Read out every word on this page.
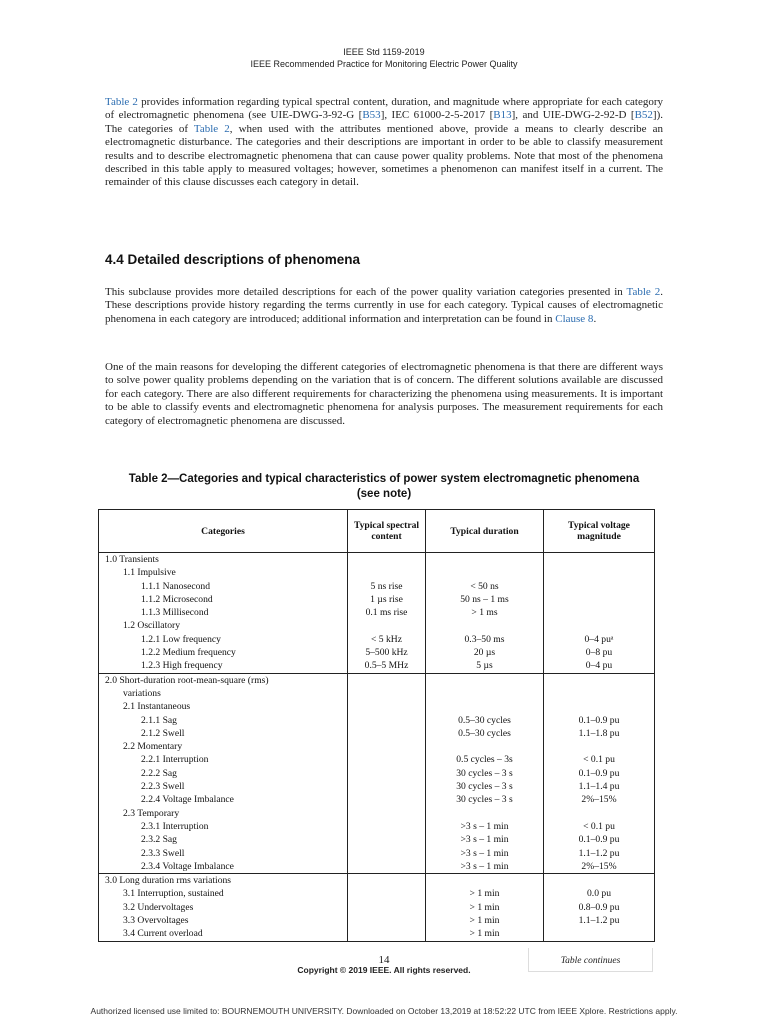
IEEE Std 1159-2019
IEEE Recommended Practice for Monitoring Electric Power Quality

Table 2 provides information regarding typical spectral content, duration, and magnitude where appropriate for each category of electromagnetic phenomena (see UIE-DWG-3-92-G [B53], IEC 61000-2-5-2017 [B13], and UIE-DWG-2-92-D [B52]). The categories of Table 2, when used with the attributes mentioned above, provide a means to clearly describe an electromagnetic disturbance. The categories and their descriptions are important in order to be able to classify measurement results and to describe electromagnetic phenomena that can cause power quality problems. Note that most of the phenomena described in this table apply to measured voltages; however, sometimes a phenomenon can manifest itself in a current. The remainder of this clause discusses each category in detail.

4.4 Detailed descriptions of phenomena

This subclause provides more detailed descriptions for each of the power quality variation categories presented in Table 2. These descriptions provide history regarding the terms currently in use for each category. Typical causes of electromagnetic phenomena in each category are introduced; additional information and interpretation can be found in Clause 8.

One of the main reasons for developing the different categories of electromagnetic phenomena is that there are different ways to solve power quality problems depending on the variation that is of concern. The different solutions available are discussed for each category. There are also different requirements for characterizing the phenomena using measurements. It is important to be able to classify events and electromagnetic phenomena for analysis purposes. The measurement requirements for each category of electromagnetic phenomena are discussed.

Table 2—Categories and typical characteristics of power system electromagnetic phenomena
(see note)
Categories	Typical spectral content	Typical duration	Typical voltage magnitude
1.0 Transients			
1.1 Impulsive			
1.1.1 Nanosecond	5 ns rise	< 50 ns	
1.1.2 Microsecond	1 µs rise	50 ns – 1 ms	
1.1.3 Millisecond	0.1 ms rise	> 1 ms	
1.2 Oscillatory			
1.2.1 Low frequency	< 5 kHz	0.3–50 ms	0–4 puᵃ
1.2.2 Medium frequency	5–500 kHz	20 µs	0–8 pu
1.2.3 High frequency	0.5–5 MHz	5 µs	0–4 pu
2.0 Short-duration root-mean-square (rms)			
variations			
2.1 Instantaneous			
2.1.1 Sag		0.5–30 cycles	0.1–0.9 pu
2.1.2 Swell		0.5–30 cycles	1.1–1.8 pu
2.2 Momentary			
2.2.1 Interruption		0.5 cycles – 3s	< 0.1 pu
2.2.2 Sag		30 cycles – 3 s	0.1–0.9 pu
2.2.3 Swell		30 cycles – 3 s	1.1–1.4 pu
2.2.4 Voltage Imbalance		30 cycles – 3 s	2%–15%
2.3 Temporary			
2.3.1 Interruption		>3 s – 1 min	< 0.1 pu
2.3.2 Sag		>3 s – 1 min	0.1–0.9 pu
2.3.3 Swell		>3 s – 1 min	1.1–1.2 pu
2.3.4 Voltage Imbalance		>3 s – 1 min	2%–15%
3.0 Long duration rms variations			
3.1 Interruption, sustained		> 1 min	0.0 pu
3.2 Undervoltages		> 1 min	0.8–0.9 pu
3.3 Overvoltages		> 1 min	1.1–1.2 pu
3.4 Current overload		> 1 min	
Table continues
14
Copyright © 2019 IEEE. All rights reserved.
Authorized licensed use limited to: BOURNEMOUTH UNIVERSITY. Downloaded on October 13,2019 at 18:52:22 UTC from IEEE Xplore. Restrictions apply.
